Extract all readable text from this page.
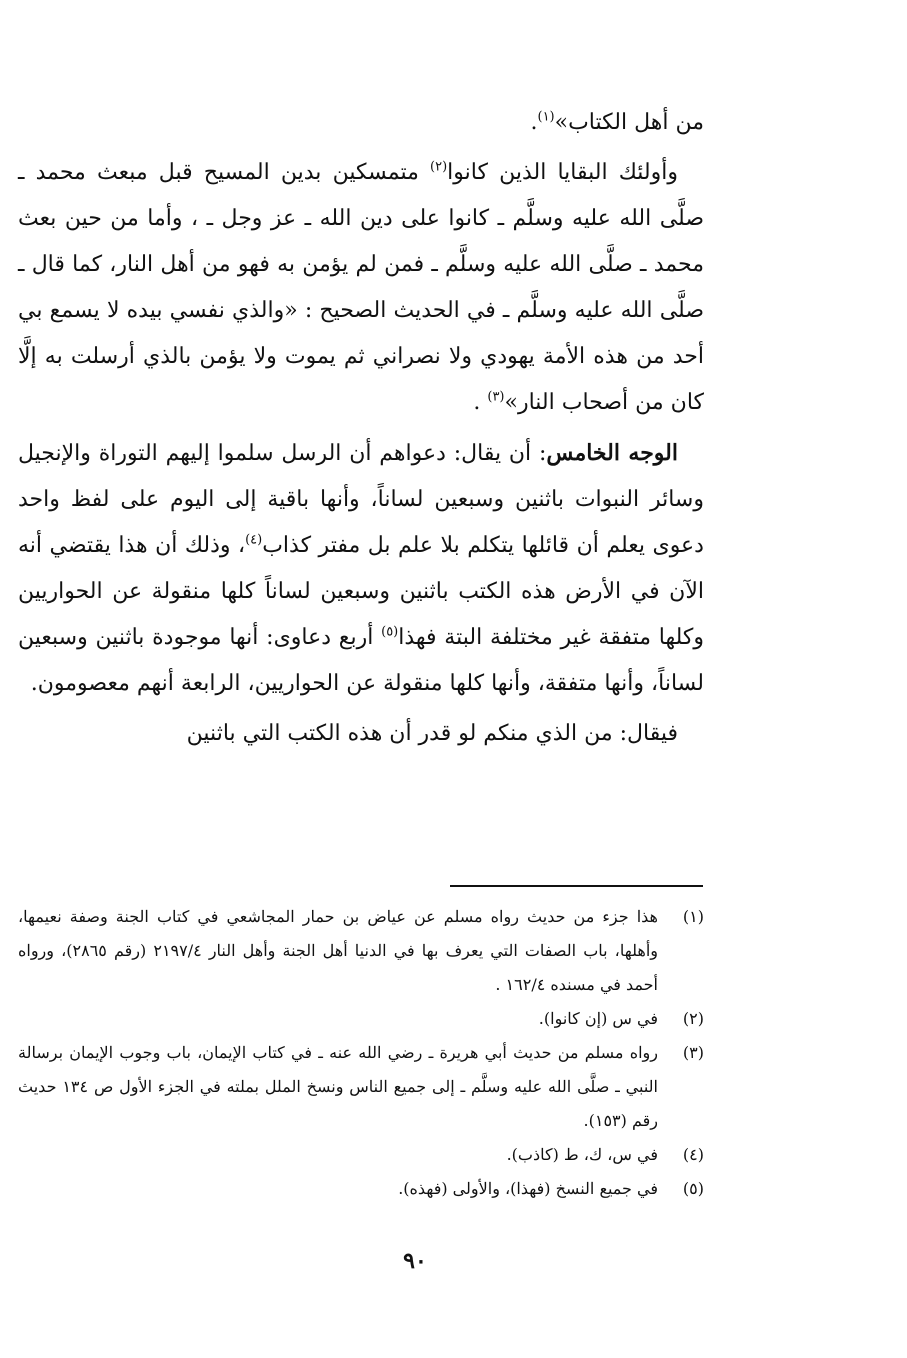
من أهل الكتاب»$^{(١)}$.

وأولئك البقايا الذين كانوا$^{(٢)}$ متمسكين بدين المسيح قبل مبعث محمد ـ صلَّى الله عليه وسلَّم ـ كانوا على دين الله ـ عز وجل ـ ، وأما من حين بعث محمد ـ صلَّى الله عليه وسلَّم ـ فمن لم يؤمن به فهو من أهل النار، كما قال ـ صلَّى الله عليه وسلَّم ـ في الحديث الصحيح : «والذي نفسي بيده لا يسمع بي أحد من هذه الأمة يهودي ولا نصراني ثم يموت ولا يؤمن بالذي أرسلت به إلَّا كان من أصحاب النار»$^{(٣)}$ .

الوجه الخامس: أن يقال: دعواهم أن الرسل سلموا إليهم التوراة والإنجيل وسائر النبوات باثنين وسبعين لساناً، وأنها باقية إلى اليوم على لفظ واحد دعوى يعلم أن قائلها يتكلم بلا علم بل مفتر كذاب$^{(٤)}$، وذلك أن هذا يقتضي أنه الآن في الأرض هذه الكتب باثنين وسبعين لساناً كلها منقولة عن الحواريين وكلها متفقة غير مختلفة البتة فهذا$^{(٥)}$ أربع دعاوى: أنها موجودة باثنين وسبعين لساناً، وأنها متفقة، وأنها كلها منقولة عن الحواريين، الرابعة أنهم معصومون.

فيقال: من الذي منكم لو قدر أن هذه الكتب التي باثنين

(١)
هذا جزء من حديث رواه مسلم عن عياض بن حمار المجاشعي في كتاب الجنة وصفة نعيمها، وأهلها، باب الصفات التي يعرف بها في الدنيا أهل الجنة وأهل النار ٢١٩٧/٤ (رقم ٢٨٦٥)، ورواه أحمد في مسنده ١٦٢/٤ .
(٢)
في س (إن كانوا).
(٣)
رواه مسلم من حديث أبي هريرة ـ رضي الله عنه ـ في كتاب الإيمان، باب وجوب الإيمان برسالة النبي ـ صلَّى الله عليه وسلَّم ـ إلى جميع الناس ونسخ الملل بملته في الجزء الأول ص ١٣٤ حديث رقم (١٥٣).
(٤)
في س، ك، ط (كاذب).
(٥)
في جميع النسخ (فهذا)، والأولى (فهذه).
٩٠
